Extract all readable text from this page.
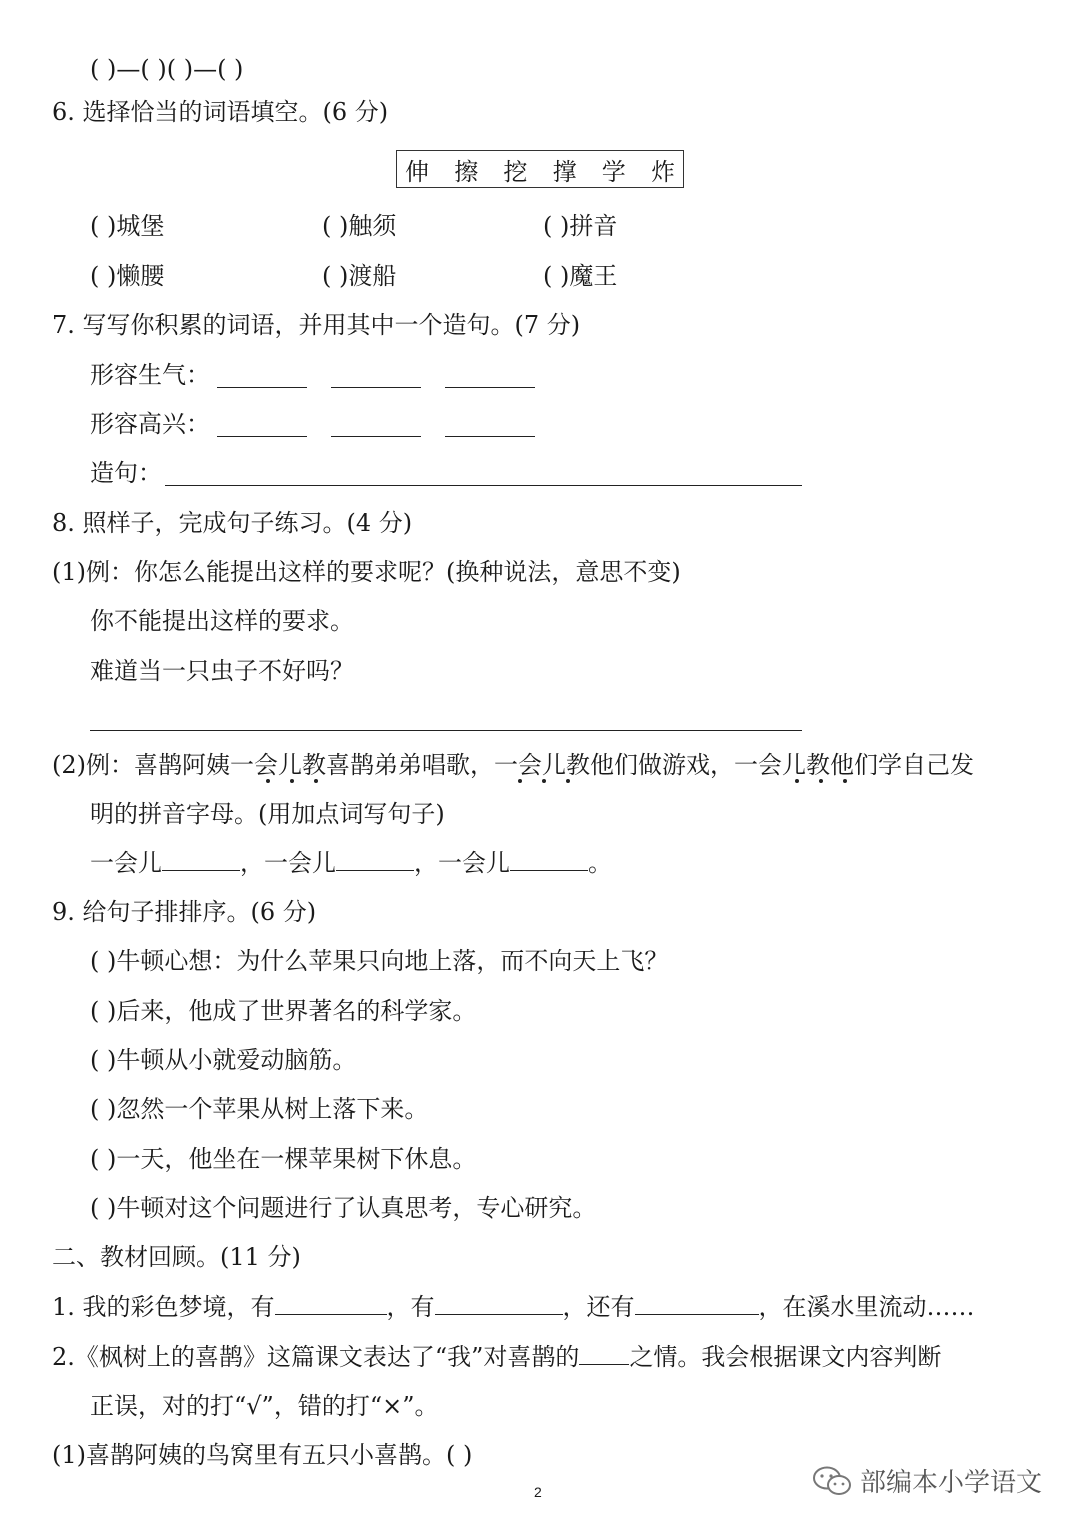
( )—( )( )—( )
6. 选择恰当的词语填空。(6 分)
伸 擦 挖 撑 学 炸
( )城堡	( )触须	( )拼音
( )懒腰	( )渡船	( )魔王
7. 写写你积累的词语，并用其中一个造句。(7 分)
形容生气：
形容高兴：
造句：
8. 照样子，完成句子练习。(4 分)
(1)例：你怎么能提出这样的要求呢？(换种说法，意思不变)
你不能提出这样的要求。
难道当一只虫子不好吗？
(2)例：喜鹊阿姨一会儿教喜鹊弟弟唱歌，一会儿教他们做游戏，一会儿教他们学自己发
明的拼音字母。(用加点词写句子)
一会儿	，一会儿	，一会儿	。
9. 给句子排排序。(6 分)
( )牛顿心想：为什么苹果只向地上落，而不向天上飞？
( )后来，他成了世界著名的科学家。
( )牛顿从小就爱动脑筋。
( )忽然一个苹果从树上落下来。
( )一天，他坐在一棵苹果树下休息。
( )牛顿对这个问题进行了认真思考，专心研究。
二、教材回顾。(11 分)
1. 我的彩色梦境，有	，有	，还有	，在溪水里流动……
2.《枫树上的喜鹊》这篇课文表达了“我”对喜鹊的 之情。我会根据课文内容判断
正误，对的打“√”，错的打“×”。
(1)喜鹊阿姨的鸟窝里有五只小喜鹊。( )
2	部编本小学语文
